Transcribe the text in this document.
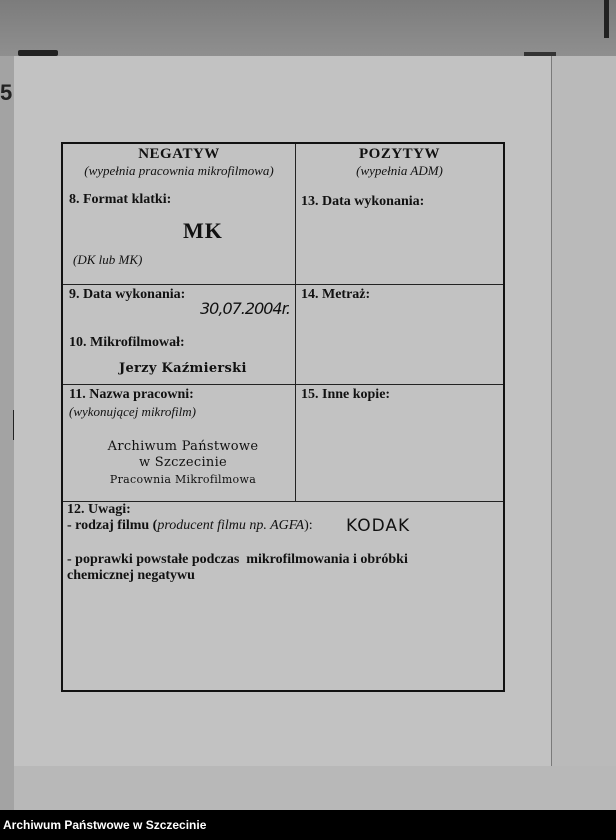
5
NEGATYW
(wypełnia pracownia mikrofilmowa)
8. Format klatki:
MK
(DK lub MK)
POZYTYW
(wypełnia ADM)
13. Data wykonania:
9. Data wykonania:
30,07.2004r.
10. Mikrofilmował:
Jerzy Kaźmierski
14. Metraż:
11. Nazwa pracowni:
(wykonującej mikrofilm)
Archiwum Państwowe
w Szczecinie
Pracownia Mikrofilmowa
15. Inne kopie:
12. Uwagi:
- rodzaj filmu (producent filmu np. AGFA): KODAK
- poprawki powstałe podczas  mikrofilmowania i obróbki
chemicznej negatywu
Archiwum Państwowe w Szczecinie
